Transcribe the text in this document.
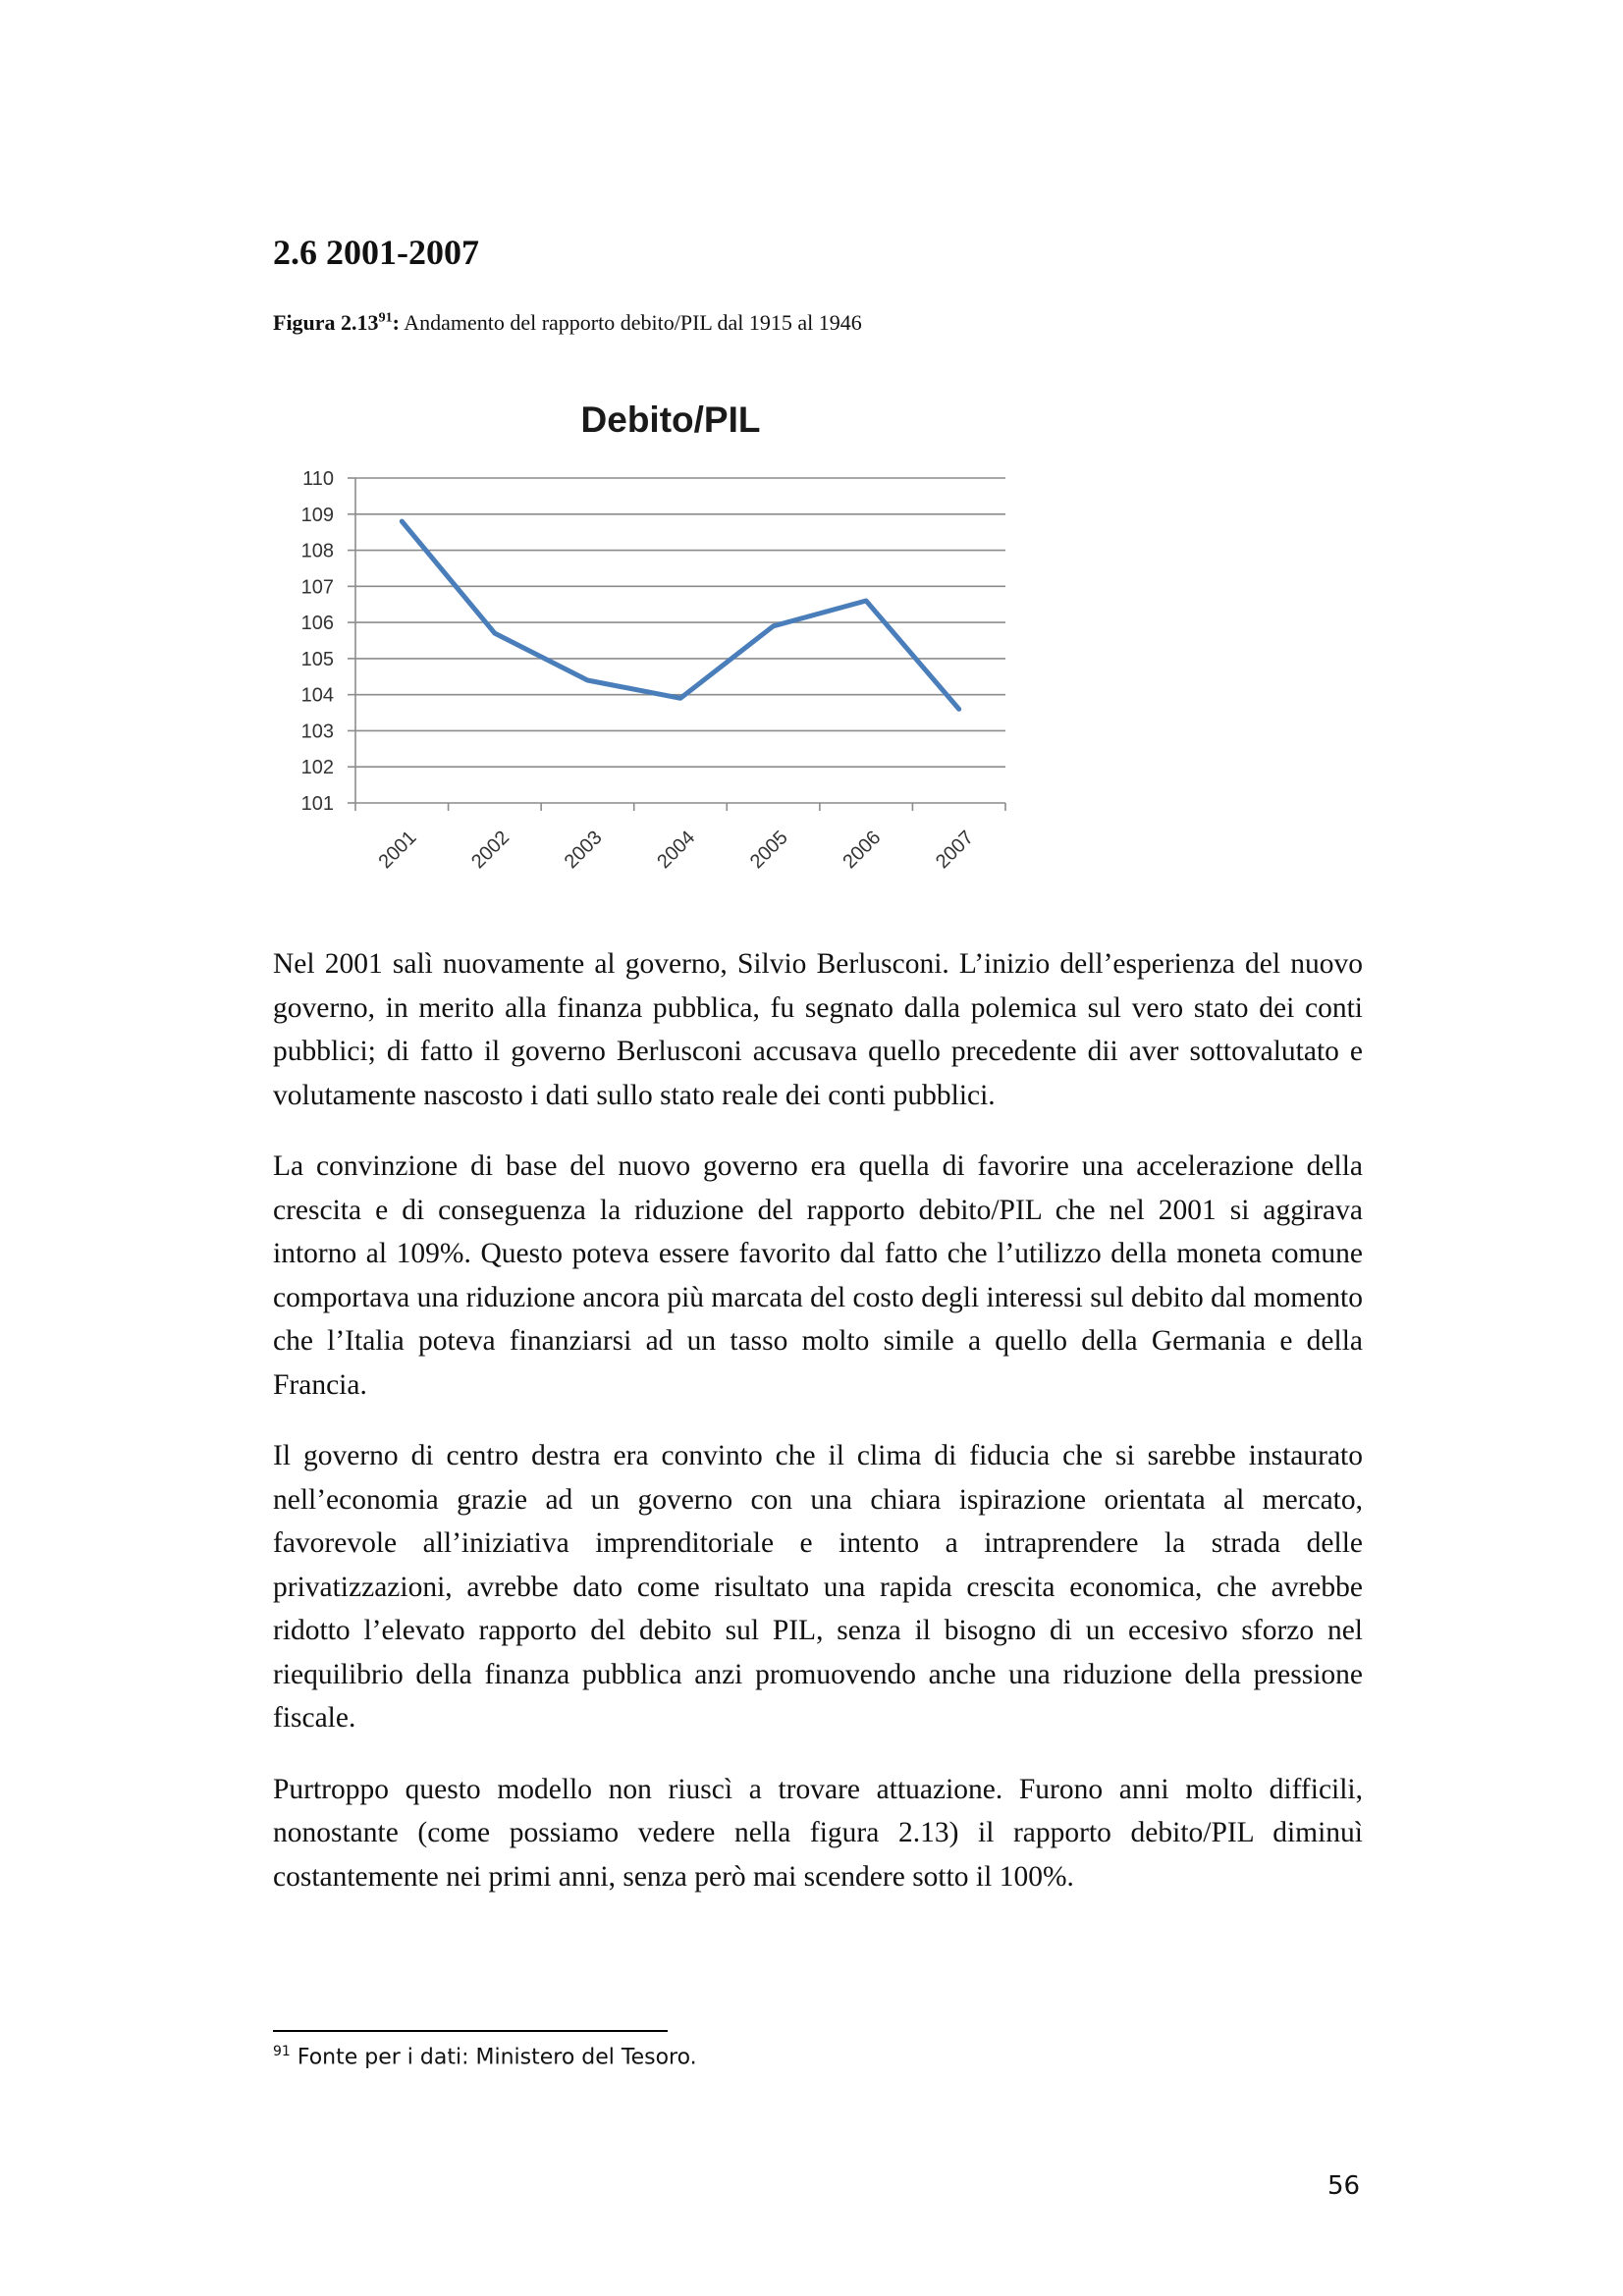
2.6 2001-2007
Figura 2.13$^{91}$: Andamento del rapporto debito/PIL dal 1915 al 1946
Debito/PIL
101
102
103
104
105
106
107
108
109
110
2001 2002 2003 2004 2005 2006 2007

Nel 2001 salì nuovamente al governo, Silvio Berlusconi. L’inizio dell’esperienza del nuovo governo, in merito alla finanza pubblica, fu segnato dalla polemica sul vero stato dei conti pubblici; di fatto il governo Berlusconi accusava quello precedente dii aver sottovalutato e volutamente nascosto i dati sullo stato reale dei conti pubblici.

La convinzione di base del nuovo governo era quella di favorire una accelerazione della crescita e di conseguenza la riduzione del rapporto debito/PIL che nel 2001 si aggirava intorno al 109%. Questo poteva essere favorito dal fatto che l’utilizzo della moneta comune comportava una riduzione ancora più marcata del costo degli interessi sul debito dal momento che l’Italia poteva finanziarsi ad un tasso molto simile a quello della Germania e della Francia.

Il governo di centro destra era convinto che il clima di fiducia che si sarebbe instaurato nell’economia grazie ad un governo con una chiara ispirazione orientata al mercato, favorevole all’iniziativa imprenditoriale e intento a intraprendere la strada delle privatizzazioni, avrebbe dato come risultato una rapida crescita economica, che avrebbe ridotto l’elevato rapporto del debito sul PIL, senza il bisogno di un eccesivo sforzo nel riequilibrio della finanza pubblica anzi promuovendo anche una riduzione della pressione fiscale.

Purtroppo questo modello non riuscì a trovare attuazione. Furono anni molto difficili, nonostante (come possiamo vedere nella figura 2.13) il rapporto debito/PIL diminuì costantemente nei primi anni, senza però mai scendere sotto il 100%.

$^{91}$ Fonte per i dati: Ministero del Tesoro.
56
